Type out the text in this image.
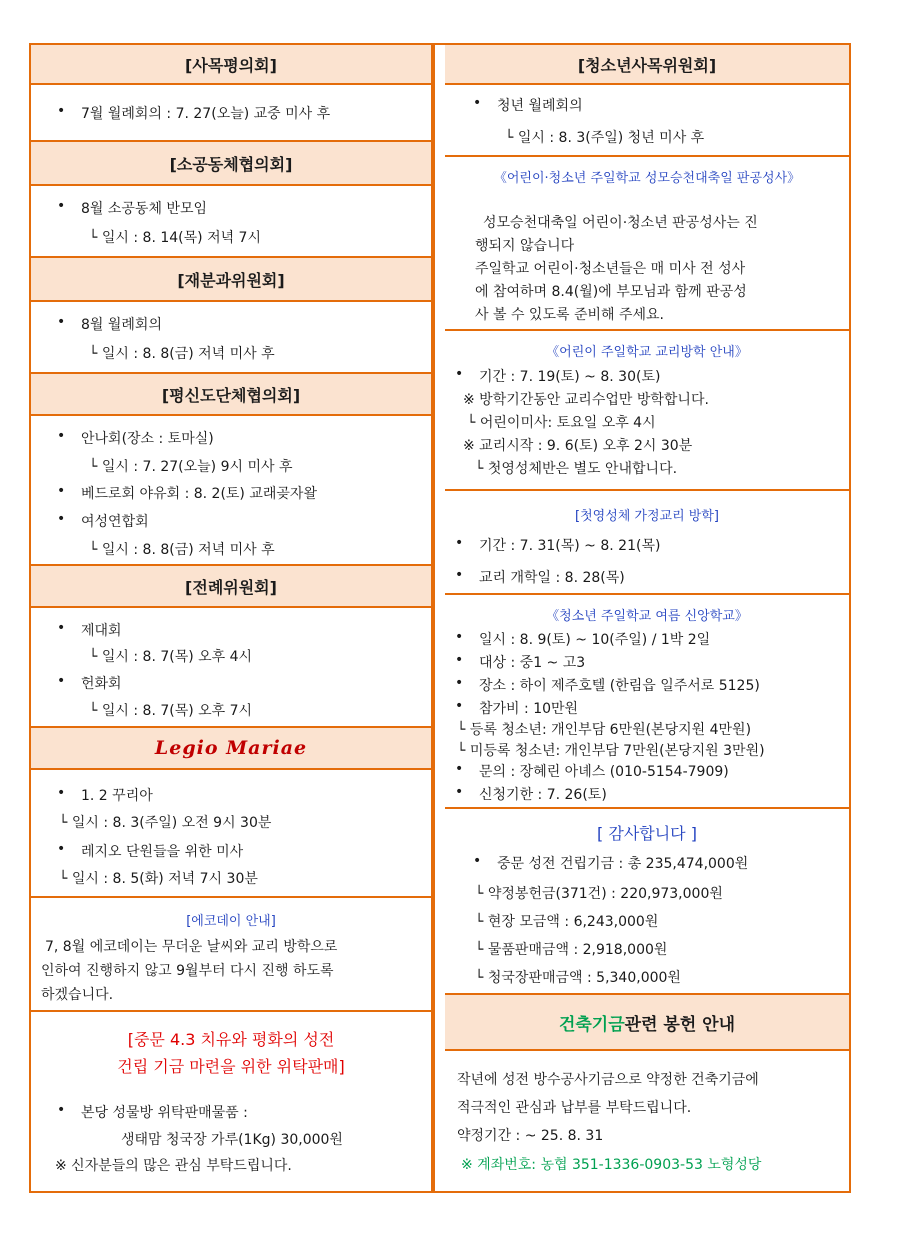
[사목평의회]
• 7월 월례회의 : 7. 27(오늘) 교중 미사 후
[소공동체협의회]
• 8월 소공동체 반모임
└ 일시 : 8. 14(목) 저녁 7시
[재분과위원회]
• 8월 월례회의
└ 일시 : 8. 8(금) 저녁 미사 후
[평신도단체협의회]
• 안나회(장소 : 토마실)
└ 일시 : 7. 27(오늘) 9시 미사 후
• 베드로회 야유회 : 8. 2(토) 교래곶자왈
• 여성연합회
└ 일시 : 8. 8(금) 저녁 미사 후
[전례위원회]
• 제대회
└ 일시 : 8. 7(목) 오후 4시
• 헌화회
└ 일시 : 8. 7(목) 오후 7시
Legio Mariae
• 1. 2 꾸리아
└ 일시 : 8. 3(주일) 오전 9시 30분
• 레지오 단원들을 위한 미사
└ 일시 : 8. 5(화) 저녁 7시 30분
[에코데이 안내]
7, 8월 에코데이는 무더운 날씨와 교리 방학으로
인하여 진행하지 않고 9월부터 다시 진행 하도록
하겠습니다.
[중문 4.3 치유와 평화의 성전
건립 기금 마련을 위한 위탁판매]
• 본당 성물방 위탁판매물품 :
생태맘 청국장 가루(1Kg) 30,000원
※ 신자분들의 많은 관심 부탁드립니다.
[청소년사목위원회]
• 청년 월례회의
└ 일시 : 8. 3(주일) 청년 미사 후
《어린이·청소년 주일학교 성모승천대축일 판공성사》
성모승천대축일 어린이·청소년 판공성사는 진
행되지 않습니다
주일학교 어린이·청소년들은 매 미사 전 성사
에 참여하며 8.4(월)에 부모님과 함께 판공성
사 볼 수 있도록 준비해 주세요.
《어린이 주일학교 교리방학 안내》
• 기간 : 7. 19(토) ~ 8. 30(토)
※ 방학기간동안 교리수업만 방학합니다.
└ 어린이미사: 토요일 오후 4시
※ 교리시작 : 9. 6(토) 오후 2시 30분
└ 첫영성체반은 별도 안내합니다.
[첫영성체 가정교리 방학]
• 기간 : 7. 31(목) ~ 8. 21(목)
• 교리 개학일 : 8. 28(목)
《청소년 주일학교 여름 신앙학교》
• 일시 : 8. 9(토) ~ 10(주일) / 1박 2일
• 대상 : 중1 ~ 고3
• 장소 : 하이 제주호텔 (한림읍 일주서로 5125)
• 참가비 : 10만원
└ 등록 청소년: 개인부담 6만원(본당지원 4만원)
└ 미등록 청소년: 개인부담 7만원(본당지원 3만원)
• 문의 : 장혜린 아녜스 (010-5154-7909)
• 신청기한 : 7. 26(토)
[ 감사합니다 ]
• 중문 성전 건립기금 : 총 235,474,000원
└ 약정봉헌금(371건) : 220,973,000원
└ 현장 모금액 : 6,243,000원
└ 물품판매금액 : 2,918,000원
└ 청국장판매금액 : 5,340,000원
건축기금 관련 봉헌 안내
작년에 성전 방수공사기금으로 약정한 건축기금에
적극적인 관심과 납부를 부탁드립니다.
약정기간 : ~ 25. 8. 31
※ 계좌번호: 농협 351-1336-0903-53 노형성당
